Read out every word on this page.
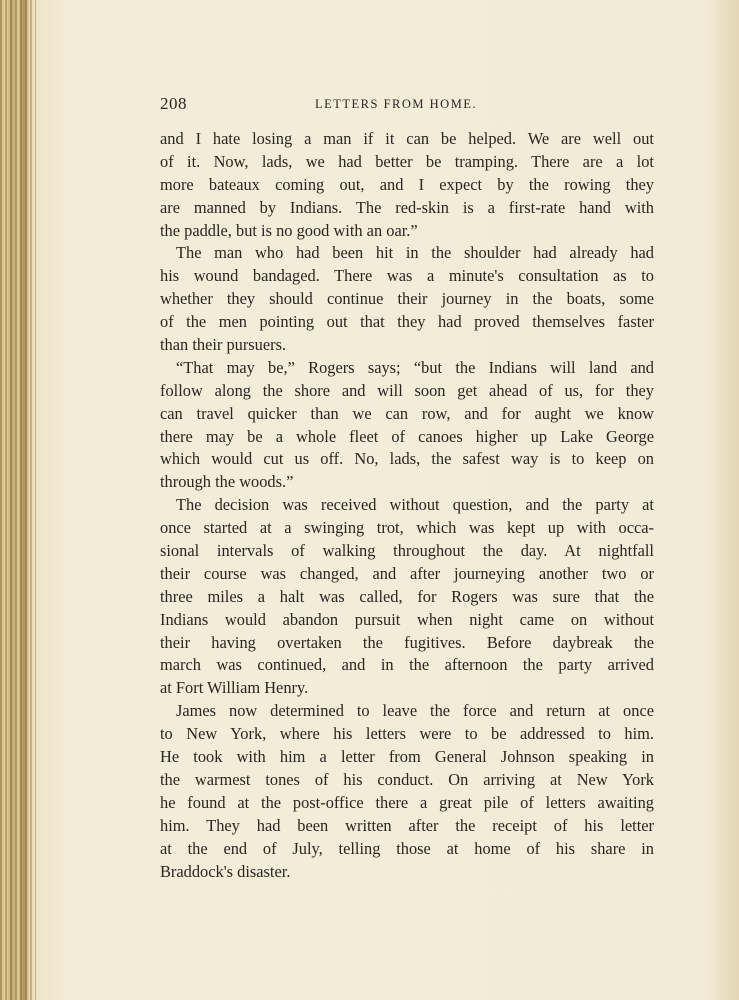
208	LETTERS FROM HOME.
and I hate losing a man if it can be helped. We are well out
of it. Now, lads, we had better be tramping. There are a lot
more bateaux coming out, and I expect by the rowing they
are manned by Indians. The red-skin is a first-rate hand with
the paddle, but is no good with an oar.”
The man who had been hit in the shoulder had already had
his wound bandaged. There was a minute's consultation as to
whether they should continue their journey in the boats, some
of the men pointing out that they had proved themselves faster
than their pursuers.
“That may be,” Rogers says; “but the Indians will land and
follow along the shore and will soon get ahead of us, for they
can travel quicker than we can row, and for aught we know
there may be a whole fleet of canoes higher up Lake George
which would cut us off. No, lads, the safest way is to keep on
through the woods.”
The decision was received without question, and the party at
once started at a swinging trot, which was kept up with occa-
sional intervals of walking throughout the day. At nightfall
their course was changed, and after journeying another two or
three miles a halt was called, for Rogers was sure that the
Indians would abandon pursuit when night came on without
their having overtaken the fugitives. Before daybreak the
march was continued, and in the afternoon the party arrived
at Fort William Henry.
James now determined to leave the force and return at once
to New York, where his letters were to be addressed to him.
He took with him a letter from General Johnson speaking in
the warmest tones of his conduct. On arriving at New York
he found at the post-office there a great pile of letters awaiting
him. They had been written after the receipt of his letter
at the end of July, telling those at home of his share in
Braddock's disaster.
